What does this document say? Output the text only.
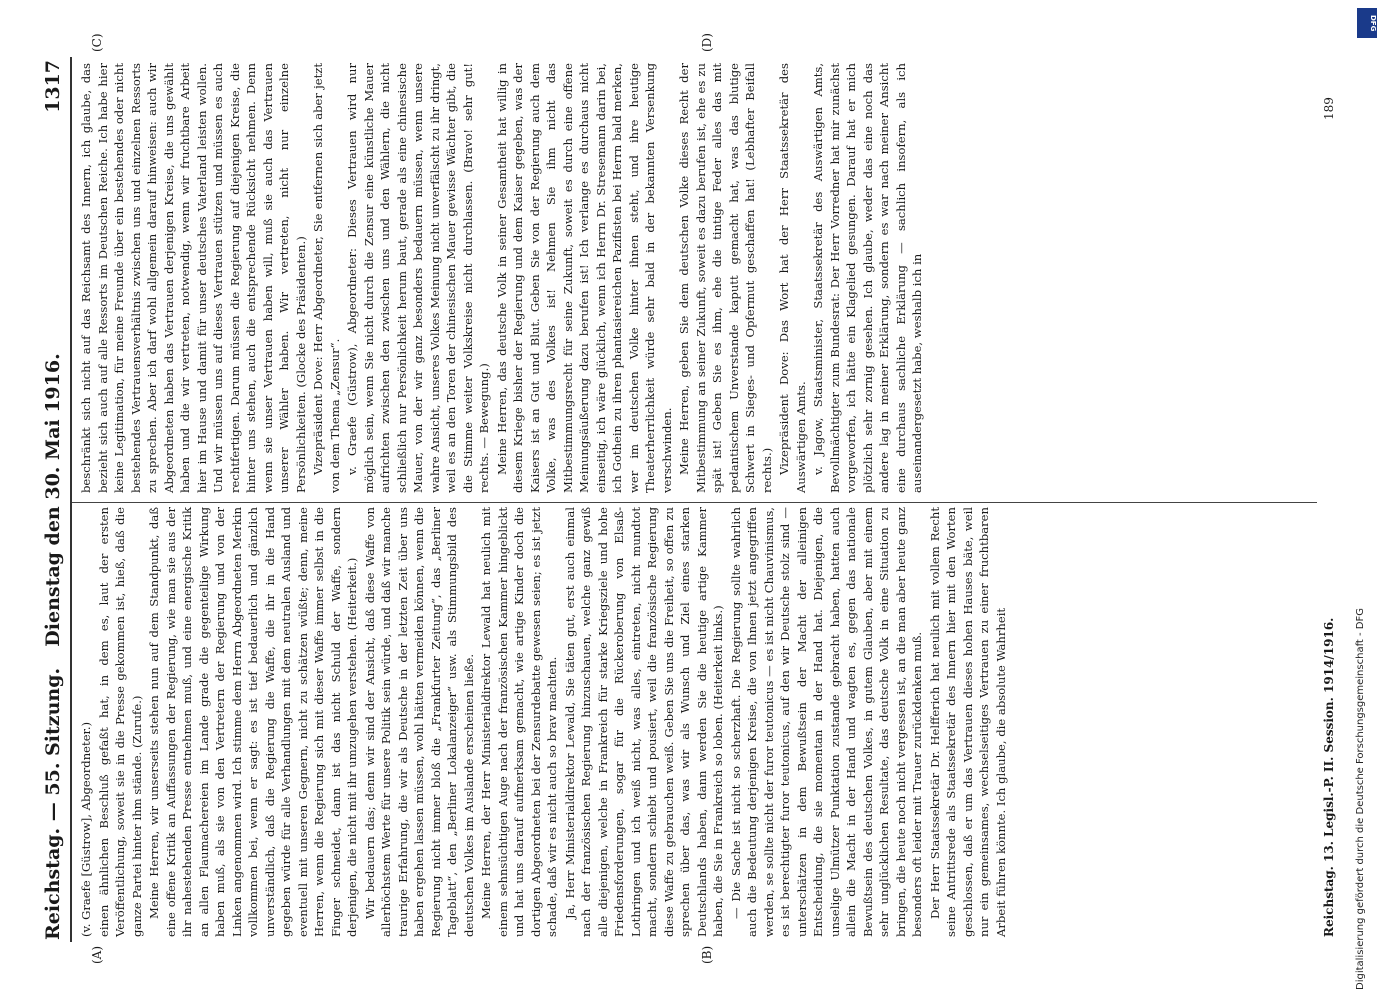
Reichstag. — 55. Sitzung.
Dienstag den 30. Mai 1916.
1317
(A)	(B)
(C)	(D)

(v. Graefe [Güstrow], Abgeordneter.) einen ähnlichen Beschluß gefaßt hat, in dem es, laut der ersten Veröffentlichung, soweit sie in die Presse gekommen ist, hieß, daß die ganze Partei hinter ihm stände. (Zurufe.) Meine Herren, wir unserseits stehen nun auf dem Standpunkt, daß eine offene Kritik an Auffassungen der Regierung, wie man sie aus der ihr nahestehenden Presse entnehmen muß, und eine energische Kritik an allen Flaumachereien im Lande grade die gegenteilige Wirkung haben muß, als sie von den Vertretern der Regierung und von der Linken angenommen wird. Ich stimme dem Herrn Abgeordneten Merkin vollkommen bei, wenn er sagt: es ist tief bedauerlich und gänzlich unverständlich, daß die Regierung die Waffe, die ihr in die Hand gegeben würde für alle Verhandlungen mit dem neutralen Ausland und eventuell mit unseren Gegnern, nicht zu schätzen wüßte; denn, meine Herren, wenn die Regierung sich mit dieser Waffe immer selbst in die Finger schneidet, dann ist das nicht Schuld der Waffe, sondern derjenigen, die nicht mit ihr umzugehen verstehen. (Heiterkeit.) Wir bedauern das; denn wir sind der Ansicht, daß diese Waffe von allerhöchstem Werte für unsere Politik sein würde, und daß wir manche traurige Erfahrung, die wir als Deutsche in der letzten Zeit über uns haben ergehen lassen müssen, wohl hätten vermeiden können, wenn die Regierung nicht immer bloß die „Frankfurter Zeitung“, das „Berliner Tageblatt“, den „Berliner Lokalanzeiger“ usw. als Stimmungsbild des deutschen Volkes im Auslande erscheinen ließe. Meine Herren, der Herr Ministerialdirektor Lewald hat neulich mit einem sehnsüchtigen Auge nach der französischen Kammer hingeblickt und hat uns darauf aufmerksam gemacht, wie artige Kinder doch die dortigen Abgeordneten bei der Zensurdebatte gewesen seien; es ist jetzt schade, daß wir es nicht auch so brav machten. Ja, Herr Ministerialdirektor Lewald, Sie täten gut, erst auch einmal nach der französischen Regierung hinzuschauen, welche ganz gewiß alle diejenigen, welche in Frankreich für starke Kriegsziele und hohe Friedensforderungen, sogar für die Rückeroberung von Elsaß-Lothringen und ich weiß nicht, was alles, eintreten, nicht mundtot macht, sondern schiebt und pousiert, weil die französische Regierung diese Waffe zu gebrauchen weiß. Geben Sie uns die Freiheit, so offen zu sprechen über das, was wir als Wunsch und Ziel eines starken Deutschlands haben, dann werden Sie die heutige artige Kammer haben, die Sie in Frankreich so loben. (Heiterkeit links.) — Die Sache ist nicht so scherzhaft. Die Regierung sollte wahrlich auch die Bedeutung derjenigen Kreise, die von Ihnen jetzt angegriffen werden, se sollte nicht der furor teutonicus — es ist nicht Chauvinismus, es ist berechtigter furor teutonicus, auf den wir Deutsche stolz sind — unterschätzen in dem Bewußtsein der Macht der alleinigen Entscheidung, die sie momentan in der Hand hat. Diejenigen, die unselige Ulmützer Punktation zustande gebracht haben, hatten auch allein die Macht in der Hand und wagten es, gegen das nationale Bewußtsein des deutschen Volkes, in gutem Glauben, aber mit einem sehr unglücklichen Resultate, das deutsche Volk in eine Situation zu bringen, die heute noch nicht vergessen ist, an die man aber heute ganz besonders oft leider mit Trauer zurückdenken muß. Der Herr Staatssekretär Dr. Helfferich hat neulich mit vollem Recht seine Antrittsrede als Staatssekretär des Innern hier mit den Worten geschlossen, daß er um das Vertrauen dieses hohen Hauses bäte, weil nur ein gemeinsames, wechselseitiges Vertrauen zu einer fruchtbaren Arbeit führen könnte. Ich glaube, die absolute Wahrheit

beschränkt sich nicht auf das Reichsamt des Innern, ich glaube, das bezieht sich auch auf alle Ressorts im Deutschen Reiche. Ich habe hier keine Legitimation, für meine Freunde über ein bestehendes oder nicht bestehendes Vertrauensverhältnis zwischen uns und einzelnen Ressorts zu sprechen. Aber ich darf wohl allgemein darauf hinweisen: auch wir Abgeordneten haben das Vertrauen derjenigen Kreise, die uns gewählt haben und die wir vertreten, notwendig, wenn wir fruchtbare Arbeit hier im Hause und damit für unser deutsches Vaterland leisten wollen. Und wir müssen uns auf dieses Vertrauen stützen und müssen es auch rechtfertigen. Darum müssen die Regierung auf diejenigen Kreise, die hinter uns stehen, auch die entsprechende Rücksicht nehmen. Denn wenn sie unser Vertrauen haben will, muß sie auch das Vertrauen unserer Wähler haben. Wir vertreten, nicht nur einzelne Persönlichkeiten. (Glocke des Präsidenten.) Vizepräsident Dove: Herr Abgeordneter, Sie entfernen sich aber jetzt von dem Thema „Zensur“. v. Graefe (Güstrow), Abgeordneter: Dieses Vertrauen wird nur möglich sein, wenn Sie nicht durch die Zensur eine künstliche Mauer aufrichten zwischen den zwischen uns und den Wählern, die nicht schließlich nur Persönlichkeit herum baut, gerade als eine chinesische Mauer, von der wir ganz besonders bedauern müssen, wenn unsere wahre Ansicht, unseres Volkes Meinung nicht unverfälscht zu ihr dringt, weil es an den Toren der chinesischen Mauer gewisse Wächter gibt, die die Stimme weiter Volkskreise nicht durchlassen. (Bravo! sehr gut! rechts. — Bewegung.) Meine Herren, das deutsche Volk in seiner Gesamtheit hat willig in diesem Kriege bisher der Regierung und dem Kaiser gegeben, was der Kaisers ist an Gut und Blut. Geben Sie von der Regierung auch dem Volke, was des Volkes ist! Nehmen Sie ihm nicht das Mitbestimmungsrecht für seine Zukunft, soweit es durch eine offene Meinungsäußerung dazu berufen ist! Ich verlange es durchaus nicht einseitig, ich wäre glücklich, wenn ich Herrn Dr. Stresemann darin bei, ich Gothein zu ihren phantasiereichen Pazifisten bei Herrn bald merken, wer im deutschen Volke hinter ihnen steht, und ihre heutige Theaterherrlichkeit würde sehr bald in der bekannten Versenkung verschwinden. Meine Herren, geben Sie dem deutschen Volke dieses Recht der Mitbestimmung an seiner Zukunft, soweit es dazu berufen ist, ehe es zu spät ist! Geben Sie es ihm, ehe die tintige Feder alles das mit pedantischem Unverstande kaputt gemacht hat, was das blutige Schwert in Sieges- und Opfermut geschaffen hat! (Lebhafter Beifall rechts.) Vizepräsident Dove: Das Wort hat der Herr Staatssekretär des Auswärtigen Amts. v. Jagow, Staatsminister, Staatssekretär des Auswärtigen Amts, Bevollmächtigter zum Bundesrat: Der Herr Vorredner hat mir zunächst vorgeworfen, ich hätte ein Klagelied gesungen. Darauf hat er mich plötzlich sehr zornig gesehen. Ich glaube, weder das eine noch das andere lag in meiner Erklärung, sondern es war nach meiner Ansicht eine durchaus sachliche Erklärung — sachlich insofern, als ich auseinandergesetzt habe, weshalb ich in

Reichstag. 13. Legisl.-P. II. Session. 1914/1916.
189
DFG
Digitalisierung gefördert durch die Deutsche Forschungsgemeinschaft - DFG
